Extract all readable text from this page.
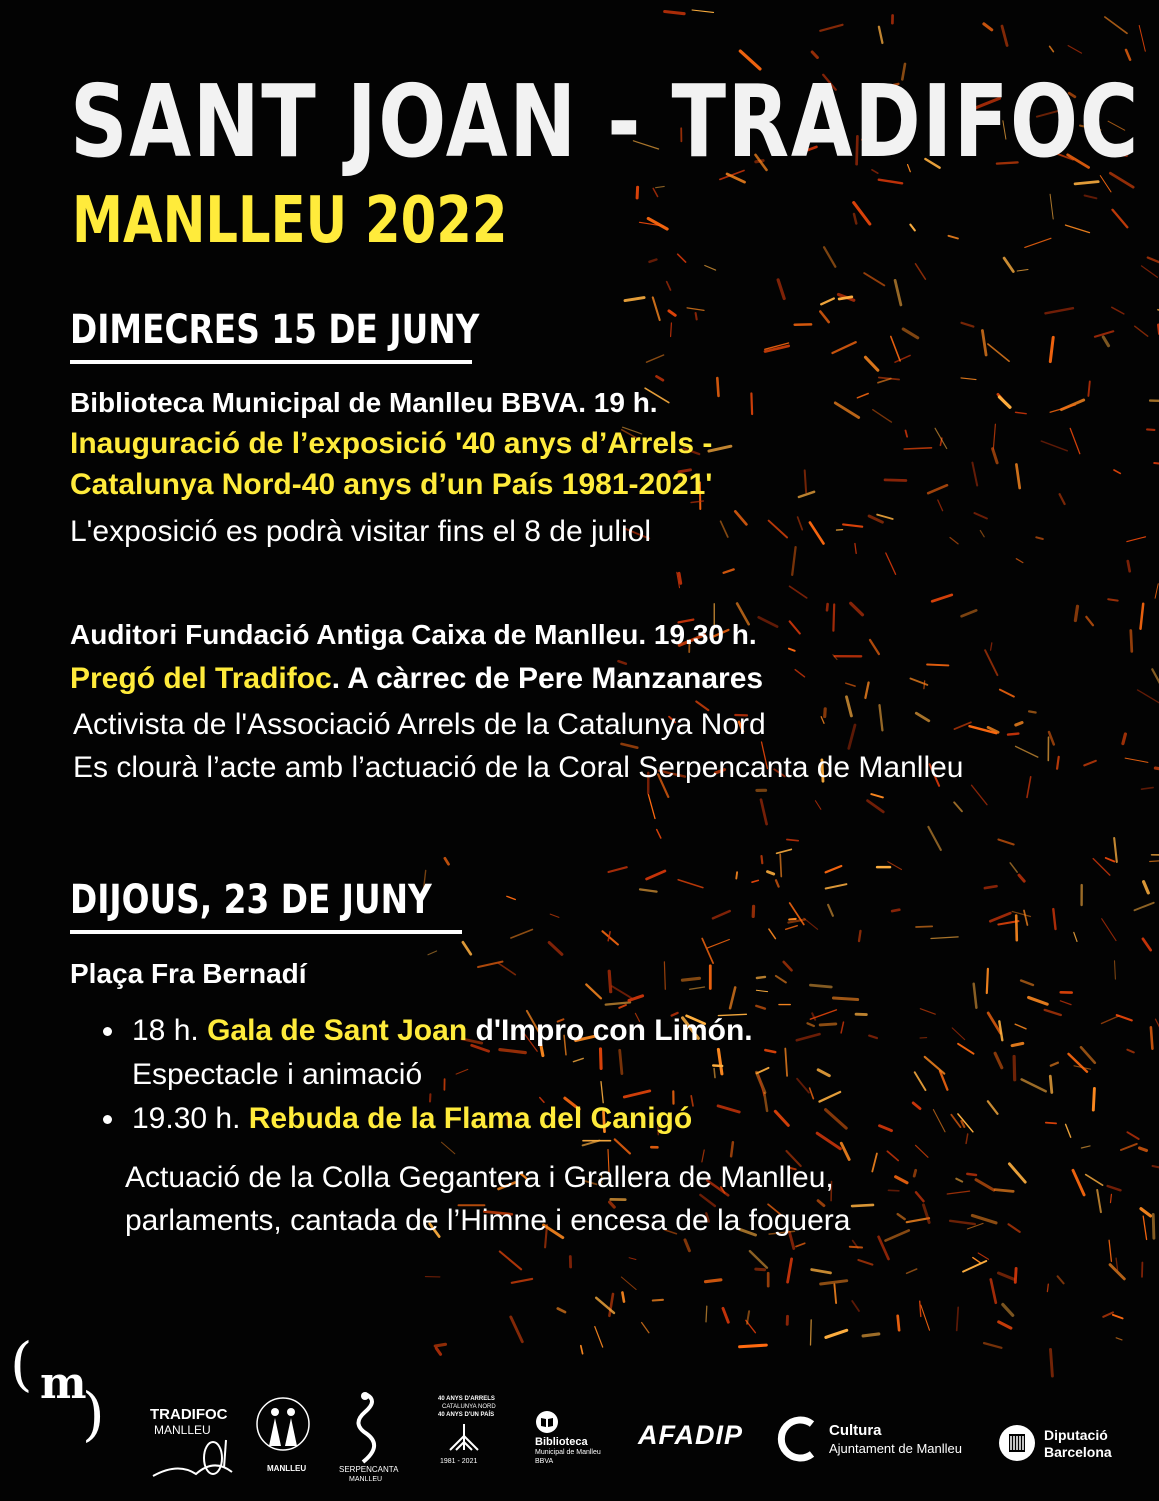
SANT JOAN - TRADIFOC
MANLLEU 2022
DIMECRES 15 DE JUNY
Biblioteca Municipal de Manlleu BBVA. 19 h.
Inauguració de l’exposició '40 anys d’Arrels -
Catalunya Nord-40 anys d’un País 1981-2021'
L'exposició es podrà visitar fins el 8 de juliol
Auditori Fundació Antiga Caixa de Manlleu. 19.30 h.
Pregó del Tradifoc. A càrrec de Pere Manzanares
Activista de l'Associació Arrels de la Catalunya Nord
Es clourà l’acte amb l’actuació de la Coral Serpencanta de Manlleu
DIJOUS, 23 DE JUNY
Plaça Fra Bernadí
18 h. Gala de Sant Joan d'Impro con Limón.
Espectacle i animació
19.30 h. Rebuda de la Flama del Canigó
Actuació de la Colla Gegantera i Grallera de Manlleu,
parlaments, cantada de l’Himne i encesa de la foguera
( m
)	TRADIFOC
MANLLEU
MANLLEU	SERPENCANTA
MANLLEU
40 ANYS D'ARRELS
CATALUNYA NORD
40 ANYS D'UN PAÍS
1981 - 2021
Biblioteca
Municipal de Manlleu
BBVA
AFADIP	Cultura
Ajuntament de Manlleu
Diputació
Barcelona
